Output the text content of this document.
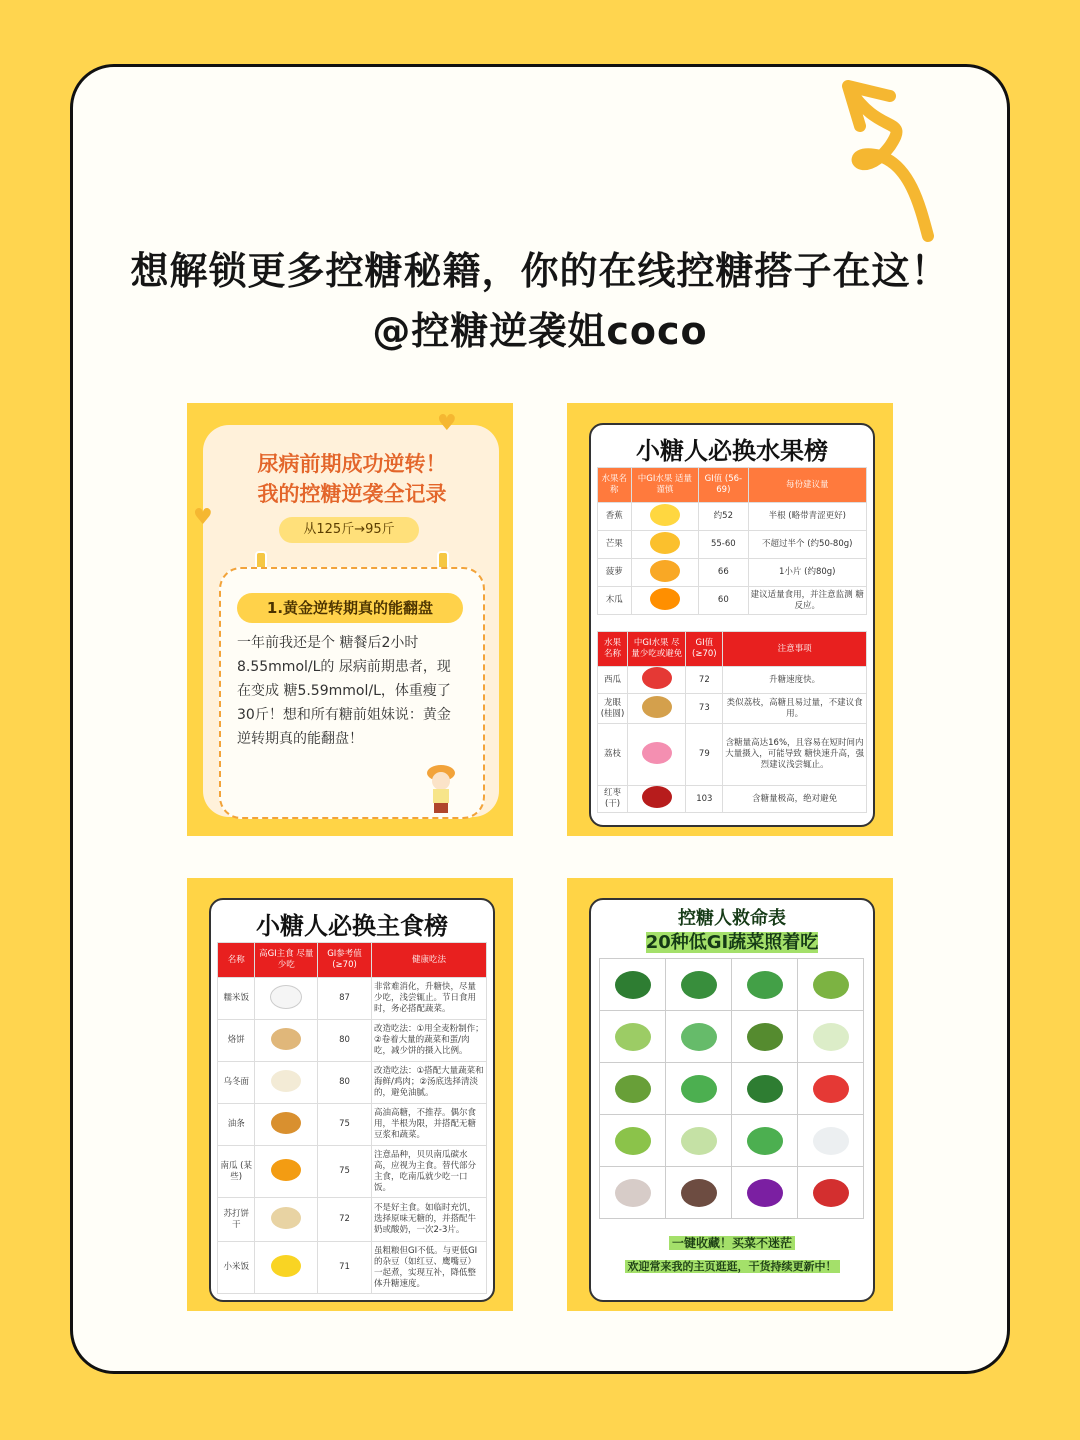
想解锁更多控糖秘籍，你的在线控糖搭子在这！
@控糖逆袭姐coco
♥
♥
尿病前期成功逆转！
我的控糖逆袭全记录
从125斤→95斤
1.黄金逆转期真的能翻盘
一年前我还是个 糖餐后2小时8.55mmol/L的 尿病前期患者，现在变成 糖5.59mmol/L，体重瘦了30斤！想和所有糖前姐妹说：黄金逆转期真的能翻盘！
小糖人必换水果榜
水果名称	中GI水果 适量谨慎	GI值 (56-69)	每份建议量
香蕉		约52	半根 (略带青涩更好)
芒果		55-60	不超过半个 (约50-80g)
菠萝		66	1小片 (约80g)
木瓜		60	建议适量食用，并注意监测 糖反应。
水果名称	中GI水果 尽量少吃或避免	GI值 (≥70)	注意事项
西瓜		72	升糖速度快。
龙眼 (桂圆)		73	类似荔枝，高糖且易过量，不建议食用。
荔枝		79	含糖量高达16%，且容易在短时间内大量摄入，可能导致 糖快速升高，强烈建议浅尝辄止。
红枣 (干)		103	含糖量极高，绝对避免
小糖人必换主食榜
名称	高GI主食 尽量少吃	GI参考值 (≥70)	健康吃法
糯米饭		87	非常难消化，升糖快，尽量少吃，浅尝辄止。节日食用时，务必搭配蔬菜。
烙饼		80	改造吃法：①用全麦粉制作；②卷着大量的蔬菜和蛋/肉吃，减少饼的摄入比例。
乌冬面		80	改造吃法：①搭配大量蔬菜和海鲜/鸡肉；②汤底选择清淡的，避免油腻。
油条		75	高油高糖，不推荐。偶尔食用，半根为限，并搭配无糖豆浆和蔬菜。
南瓜 (某些)		75	注意品种，贝贝南瓜碳水高，应视为主食。替代部分主食，吃南瓜就少吃一口饭。
苏打饼干		72	不是好主食。如临时充饥，选择原味无糖的，并搭配牛奶或酸奶，一次2-3片。
小米饭		71	虽粗粮但GI不低。与更低GI的杂豆（如红豆、鹰嘴豆）一起煮，实现互补，降低整体升糖速度。
控糖人救命表
20种低GI蔬菜照着吃
一键收藏！买菜不迷茫
欢迎常来我的主页逛逛，干货持续更新中！
